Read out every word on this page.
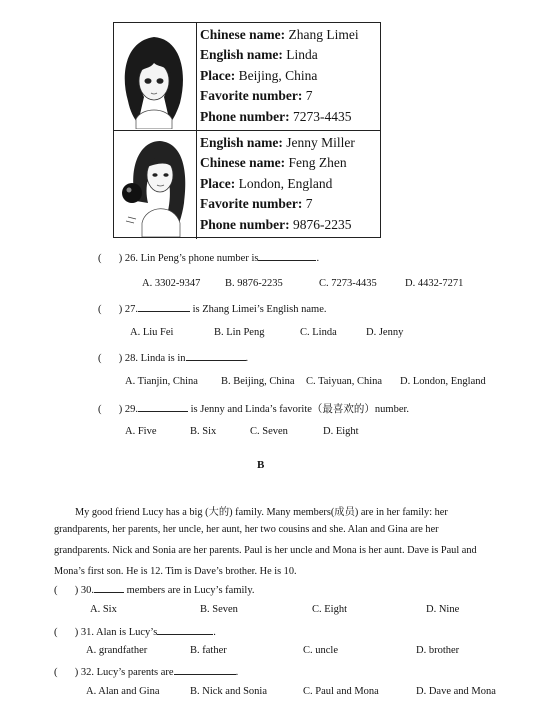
Chinese name: Zhang Limei
English name: Linda
Place: Beijing, China
Favorite number: 7
Phone number: 7273-4435
English name: Jenny Miller
Chinese name: Feng Zhen
Place: London, England
Favorite number: 7
Phone number: 9876-2235
( ) 26. Lin Peng’s phone number is	.
A. 3302-9347 B. 9876-2235	C. 7273-4435	D. 4432-7271
( ) 27.	is Zhang Limei’s English name.
A. Liu Fei	B. Lin Peng	C. Linda	D. Jenny
( ) 28. Linda is in	.
A. Tianjin, China B. Beijing, China C. Taiyuan, China D. London, England
( ) 29.	is Jenny and Linda’s favorite（最喜欢的）number.
A. Five	B. Six	C. Seven	D. Eight
B
My good friend Lucy has a big (大的) family. Many members(成员) are in her family: her
grandparents, her parents, her uncle, her aunt, her two cousins and she. Alan and Gina are her
grandparents. Nick and Sonia are her parents. Paul is her uncle and Mona is her aunt. Dave is Paul and
Mona’s first son. He is 12. Tim is Dave’s brother. He is 10.
( ) 30.	members are in Lucy’s family.
A. Six	B. Seven	C. Eight	D. Nine
( ) 31. Alan is Lucy’s	.
A. grandfather	B. father	C. uncle	D. brother
( ) 32. Lucy’s parents are	.
A. Alan and Gina	B. Nick and Sonia	C. Paul and Mona	D. Dave and Mona
